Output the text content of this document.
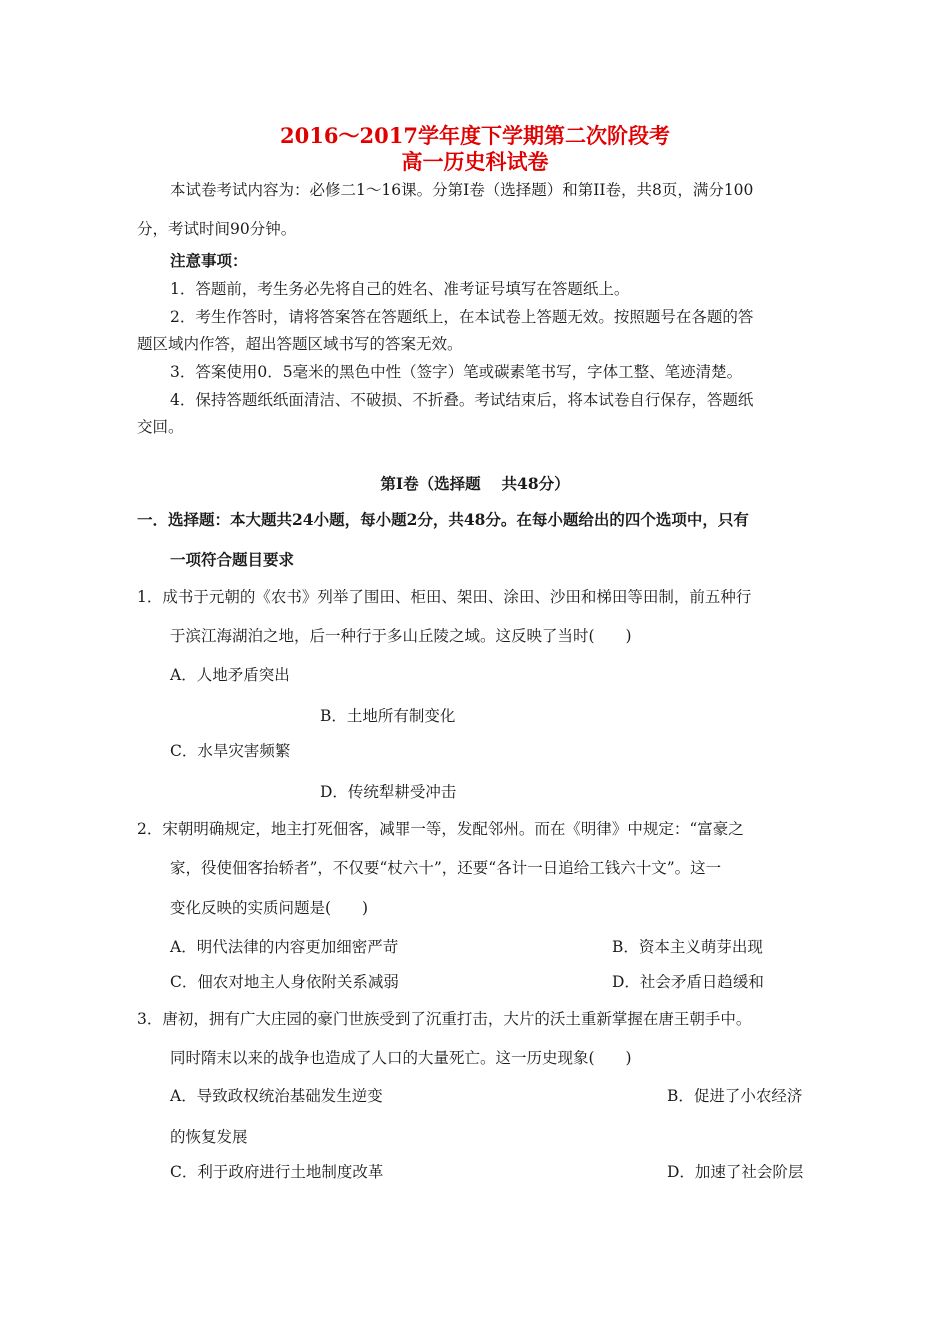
2016～2017学年度下学期第二次阶段考
高一历史科试卷
本试卷考试内容为：必修二1～16课。分第Ⅰ卷（选择题）和第II卷，共8页，满分100
分，考试时间90分钟。
注意事项：
1．答题前，考生务必先将自己的姓名、准考证号填写在答题纸上。
2．考生作答时，请将答案答在答题纸上，在本试卷上答题无效。按照题号在各题的答
题区域内作答，超出答题区域书写的答案无效。
3．答案使用0．5毫米的黑色中性（签字）笔或碳素笔书写，字体工整、笔迹清楚。
4．保持答题纸纸面清洁、不破损、不折叠。考试结束后，将本试卷自行保存，答题纸
交回。
第Ⅰ卷（选择题　 共48分）
一．选择题：本大题共24小题，每小题2分，共48分。在每小题给出的四个选项中，只有
一项符合题目要求
1．成书于元朝的《农书》列举了围田、柜田、架田、涂田、沙田和梯田等田制，前五种行
于滨江海湖泊之地，后一种行于多山丘陵之域。这反映了当时(　　)
A．人地矛盾突出
B．土地所有制变化
C．水旱灾害频繁
D．传统犁耕受冲击
2．宋朝明确规定，地主打死佃客，减罪一等，发配邻州。而在《明律》中规定：“富豪之
家，役使佃客抬轿者”，不仅要“杖六十”，还要“各计一日追给工钱六十文”。这一
变化反映的实质问题是(　　)
A．明代法律的内容更加细密严苛	B．资本主义萌芽出现
C．佃农对地主人身依附关系减弱	D．社会矛盾日趋缓和
3．唐初，拥有广大庄园的豪门世族受到了沉重打击，大片的沃土重新掌握在唐王朝手中。
同时隋末以来的战争也造成了人口的大量死亡。这一历史现象(　　)
A．导致政权统治基础发生逆变	B．促进了小农经济
的恢复发展
C．利于政府进行土地制度改革	D．加速了社会阶层
